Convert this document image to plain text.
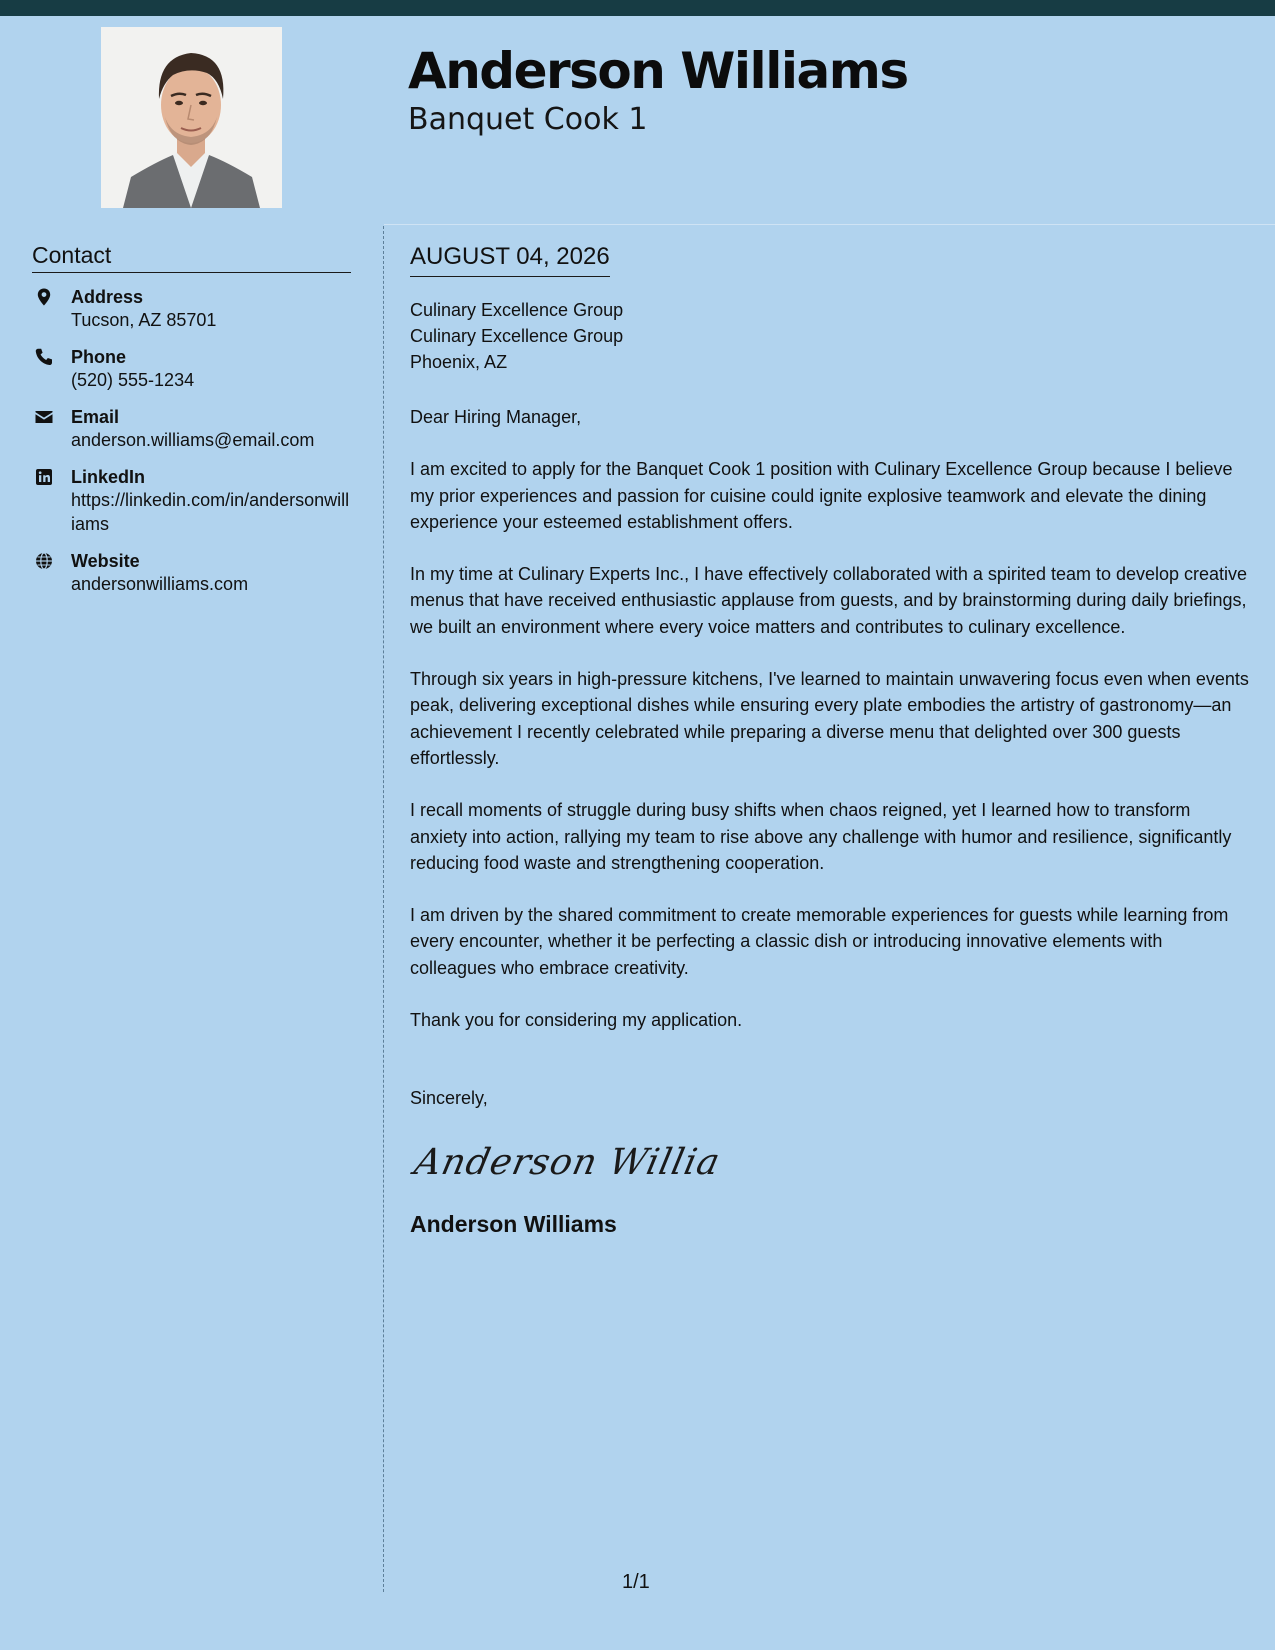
Anderson Williams
Banquet Cook 1
Contact
Address
Tucson, AZ 85701
Phone
(520) 555-1234
Email
anderson.williams@email.com
LinkedIn
https://linkedin.com/in/andersonwilliams
Website
andersonwilliams.com
AUGUST 04, 2026

Culinary Excellence Group

Culinary Excellence Group

Phoenix, AZ

Dear Hiring Manager,

I am excited to apply for the Banquet Cook 1 position with Culinary Excellence Group because I believe my prior experiences and passion for cuisine could ignite explosive teamwork and elevate the dining experience your esteemed establishment offers.

In my time at Culinary Experts Inc., I have effectively collaborated with a spirited team to develop creative menus that have received enthusiastic applause from guests, and by brainstorming during daily briefings, we built an environment where every voice matters and contributes to culinary excellence.

Through six years in high-pressure kitchens, I've learned to maintain unwavering focus even when events peak, delivering exceptional dishes while ensuring every plate embodies the artistry of gastronomy—an achievement I recently celebrated while preparing a diverse menu that delighted over 300 guests effortlessly.

I recall moments of struggle during busy shifts when chaos reigned, yet I learned how to transform anxiety into action, rallying my team to rise above any challenge with humor and resilience, significantly reducing food waste and strengthening cooperation.

I am driven by the shared commitment to create memorable experiences for guests while learning from every encounter, whether it be perfecting a classic dish or introducing innovative elements with colleagues who embrace creativity.

Thank you for considering my application.

Sincerely,
Anderson Willia
Anderson Williams
1/1
